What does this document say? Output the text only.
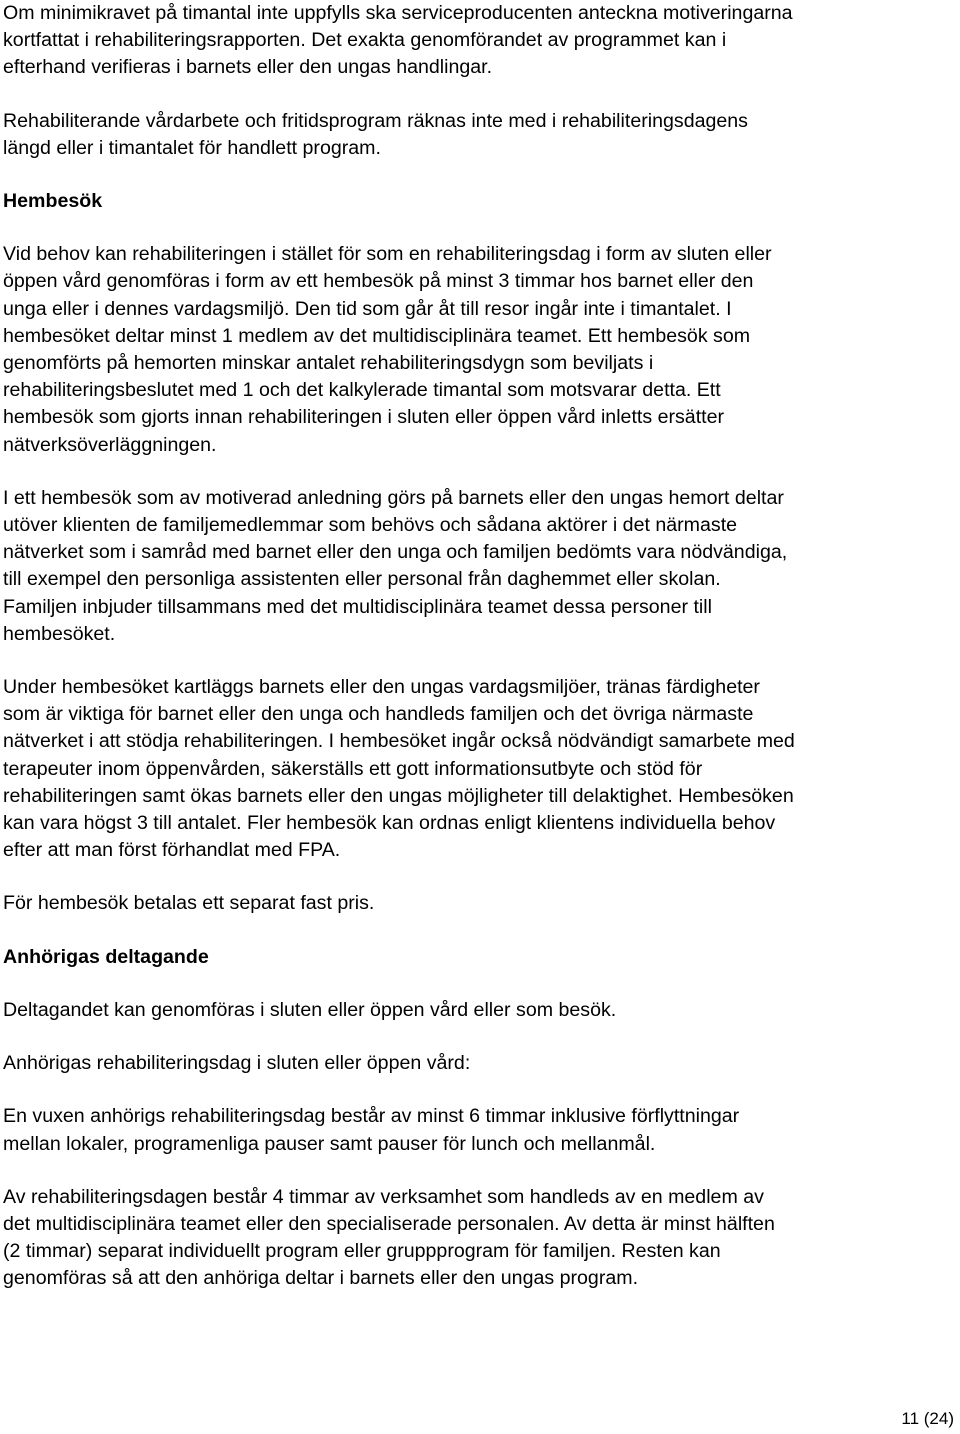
Om minimikravet på timantal inte uppfylls ska serviceproducenten anteckna motiveringarna
kortfattat i rehabiliteringsrapporten. Det exakta genomförandet av programmet kan i
efterhand verifieras i barnets eller den ungas handlingar.

Rehabiliterande vårdarbete och fritidsprogram räknas inte med i rehabiliteringsdagens
längd eller i timantalet för handlett program.

Hembesök

Vid behov kan rehabiliteringen i stället för som en rehabiliteringsdag i form av sluten eller
öppen vård genomföras i form av ett hembesök på minst 3 timmar hos barnet eller den
unga eller i dennes vardagsmiljö. Den tid som går åt till resor ingår inte i timantalet. I
hembesöket deltar minst 1 medlem av det multidisciplinära teamet. Ett hembesök som
genomförts på hemorten minskar antalet rehabiliteringsdygn som beviljats i
rehabiliteringsbeslutet med 1 och det kalkylerade timantal som motsvarar detta. Ett
hembesök som gjorts innan rehabiliteringen i sluten eller öppen vård inletts ersätter
nätverksöverläggningen.

I ett hembesök som av motiverad anledning görs på barnets eller den ungas hemort deltar
utöver klienten de familjemedlemmar som behövs och sådana aktörer i det närmaste
nätverket som i samråd med barnet eller den unga och familjen bedömts vara nödvändiga,
till exempel den personliga assistenten eller personal från daghemmet eller skolan.
Familjen inbjuder tillsammans med det multidisciplinära teamet dessa personer till
hembesöket.

Under hembesöket kartläggs barnets eller den ungas vardagsmiljöer, tränas färdigheter
som är viktiga för barnet eller den unga och handleds familjen och det övriga närmaste
nätverket i att stödja rehabiliteringen. I hembesöket ingår också nödvändigt samarbete med
terapeuter inom öppenvården, säkerställs ett gott informationsutbyte och stöd för
rehabiliteringen samt ökas barnets eller den ungas möjligheter till delaktighet. Hembesöken
kan vara högst 3 till antalet. Fler hembesök kan ordnas enligt klientens individuella behov
efter att man först förhandlat med FPA.

För hembesök betalas ett separat fast pris.

Anhörigas deltagande

Deltagandet kan genomföras i sluten eller öppen vård eller som besök.

Anhörigas rehabiliteringsdag i sluten eller öppen vård:

En vuxen anhörigs rehabiliteringsdag består av minst 6 timmar inklusive förflyttningar
mellan lokaler, programenliga pauser samt pauser för lunch och mellanmål.

Av rehabiliteringsdagen består 4 timmar av verksamhet som handleds av en medlem av
det multidisciplinära teamet eller den specialiserade personalen. Av detta är minst hälften
(2 timmar) separat individuellt program eller gruppprogram för familjen. Resten kan
genomföras så att den anhöriga deltar i barnets eller den ungas program.

11 (24)
